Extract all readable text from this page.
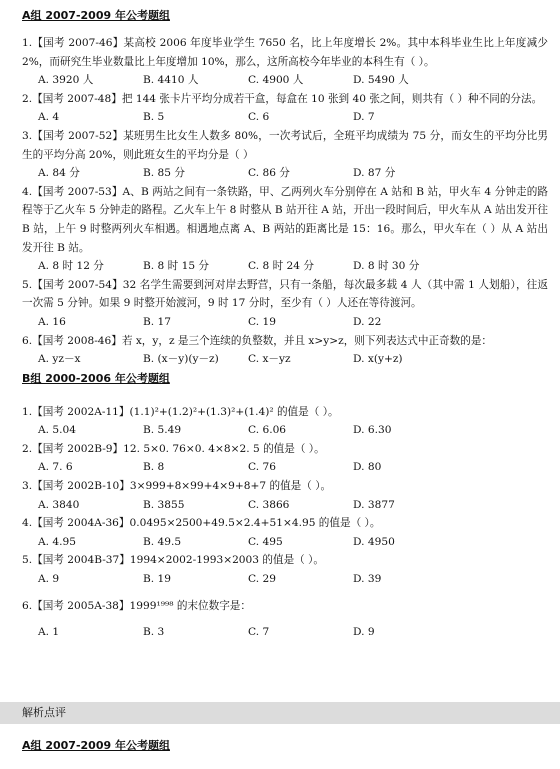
A组 2007-2009 年公考题组

1.【国考 2007-46】某高校 2006 年度毕业学生 7650 名，比上年度增长 2%。其中本科毕业生比上年度减少 2%，而研究生毕业数量比上年度增加 10%，那么，这所高校今年毕业的本科生有（ ）。

A. 3920 人	B. 4410 人	C. 4900 人	D. 5490 人

2.【国考 2007-48】把 144 张卡片平均分成若干盒，每盒在 10 张到 40 张之间，则共有（ ）种不同的分法。

A. 4	B. 5	C. 6	D. 7

3.【国考 2007-52】某班男生比女生人数多 80%，一次考试后，全班平均成绩为 75 分，而女生的平均分比男生的平均分高 20%，则此班女生的平均分是（ ）

A. 84 分	B. 85 分	C. 86 分	D. 87 分

4.【国考 2007-53】A、B 两站之间有一条铁路，甲、乙两列火车分别停在 A 站和 B 站，甲火车 4 分钟走的路程等于乙火车 5 分钟走的路程。乙火车上午 8 时整从 B 站开往 A 站，开出一段时间后，甲火车从 A 站出发开往 B 站，上午 9 时整两列火车相遇。相遇地点离 A、B 两站的距离比是 15：16。那么，甲火车在（ ）从 A 站出发开往 B 站。

A. 8 时 12 分	B. 8 时 15 分	C. 8 时 24 分	D. 8 时 30 分

5.【国考 2007-54】32 名学生需要到河对岸去野营，只有一条船，每次最多载 4 人（其中需 1 人划船），往返一次需 5 分钟。如果 9 时整开始渡河，9 时 17 分时，至少有（ ）人还在等待渡河。

A. 16	B. 17	C. 19	D. 22

6.【国考 2008-46】若 x，y，z 是三个连续的负整数，并且 x>y>z，则下列表达式中正奇数的是：

A. yz－x	B. (x－y)(y－z)	C. x－yz	D. x(y+z)
B组 2000-2006 年公考题组

1.【国考 2002A-11】(1.1)²+(1.2)²+(1.3)²+(1.4)² 的值是（ ）。

A. 5.04	B. 5.49	C. 6.06	D. 6.30

2.【国考 2002B-9】12. 5×0. 76×0. 4×8×2. 5 的值是（ ）。

A. 7. 6	B. 8	C. 76	D. 80

3.【国考 2002B-10】3×999+8×99+4×9+8+7 的值是（ ）。

A. 3840	B. 3855	C. 3866	D. 3877

4.【国考 2004A-36】0.0495×2500+49.5×2.4+51×4.95 的值是（ ）。

A. 4.95	B. 49.5	C. 495	D. 4950

5.【国考 2004B-37】1994×2002-1993×2003 的值是（ ）。

A. 9	B. 19	C. 29	D. 39

6.【国考 2005A-38】1999¹⁹⁹⁸ 的末位数字是：

A. 1	B. 3	C. 7	D. 9
解析点评
A组 2007-2009 年公考题组
